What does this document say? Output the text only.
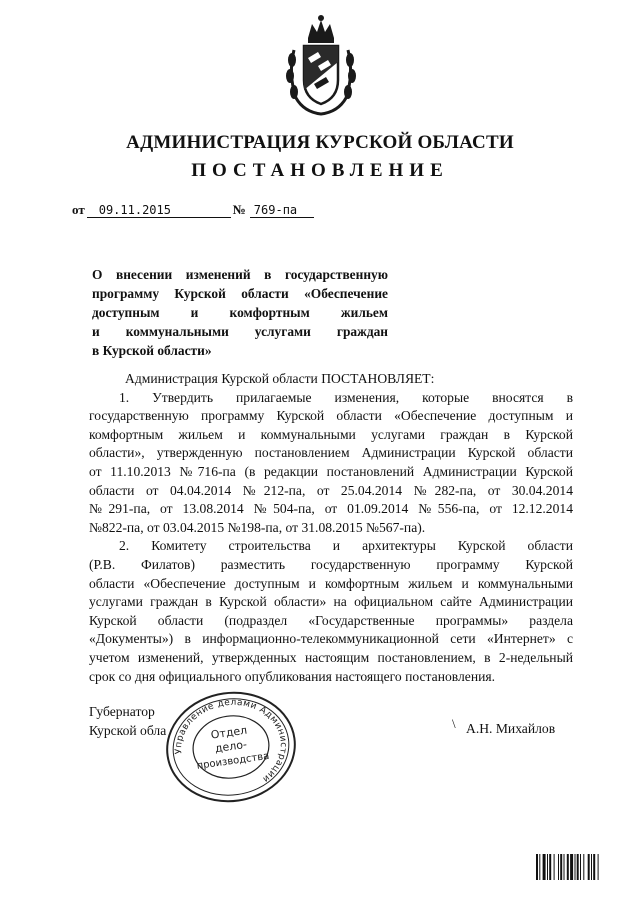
АДМИНИСТРАЦИЯ КУРСКОЙ ОБЛАСТИ
ПОСТАНОВЛЕНИЕ
от	09.11.2015	№ 769-па
О внесении изменений в государственную
программу Курской области «Обеспечение
доступным и комфортным жильем
и коммунальными услугами граждан
в Курской области»
Администрация Курской области ПОСТАНОВЛЯЕТ:
1. Утвердить прилагаемые изменения, которые вносятся в
государственную программу Курской области «Обеспечение доступным и
комфортным жильем и коммунальными услугами граждан в Курской
области», утвержденную постановлением Администрации Курской области
от 11.10.2013 №716-па (в редакции постановлений Администрации Курской
области от 04.04.2014 №212-па, от 25.04.2014 №282-па, от 30.04.2014
№291-па, от 13.08.2014 №504-па, от 01.09.2014 №556-па, от 12.12.2014
№822-па, от 03.04.2015 №198-па, от 31.08.2015 №567-па).
2. Комитету строительства и архитектуры Курской области
(Р.В. Филатов) разместить государственную программу Курской
области «Обеспечение доступным и комфортным жильем и коммунальными
услугами граждан в Курской области» на официальном сайте Администрации
Курской области (подраздел «Государственные программы» раздела
«Документы») в информационно-телекоммуникационной сети «Интернет» с
учетом изменений, утвержденных настоящим постановлением, в 2-недельный
срок со дня официального опубликования настоящего постановления.
Губернатор
Курской обла	\ А.Н. Михайлов
Управление делами Администрации
Отдел
дело-
производства
